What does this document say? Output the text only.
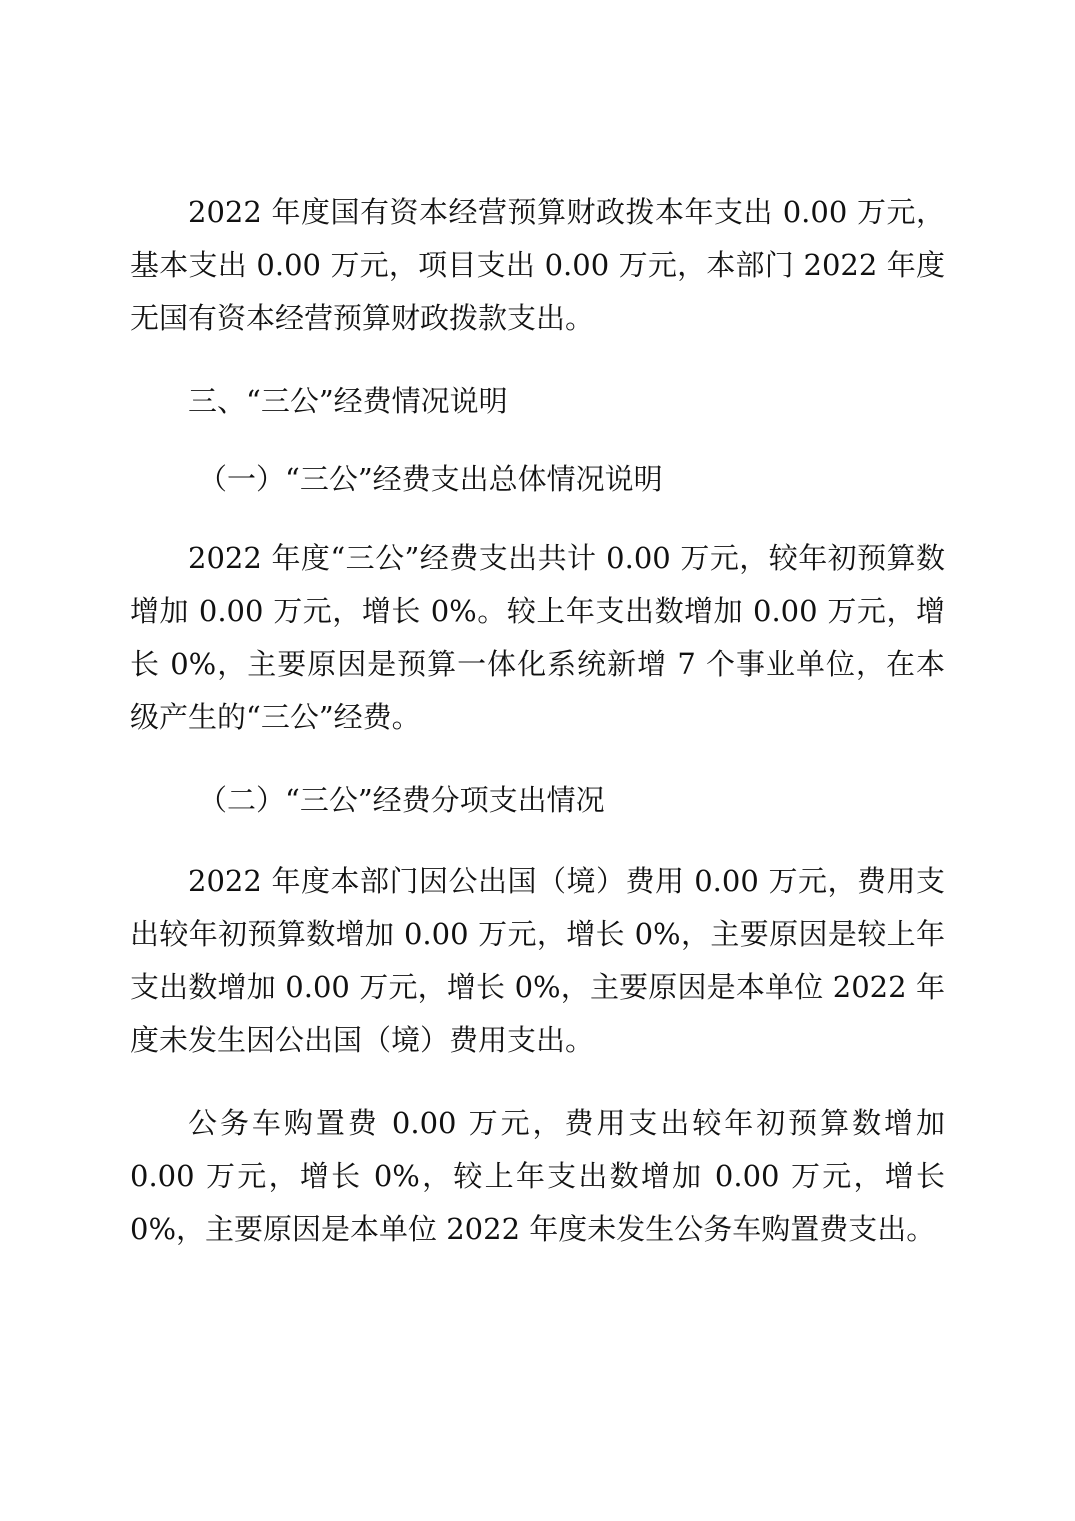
2022 年度国有资本经营预算财政拨本年支出 0.00 万元，基本支出 0.00 万元，项目支出 0.00 万元，本部门 2022 年度无国有资本经营预算财政拨款支出。

三、“三公”经费情况说明

（一）“三公”经费支出总体情况说明

2022 年度“三公”经费支出共计 0.00 万元，较年初预算数增加 0.00 万元，增长 0%。较上年支出数增加 0.00 万元，增长 0%，主要原因是预算一体化系统新增 7 个事业单位，在本级产生的“三公”经费。

（二）“三公”经费分项支出情况

2022 年度本部门因公出国（境）费用 0.00 万元，费用支出较年初预算数增加 0.00 万元，增长 0%，主要原因是较上年支出数增加 0.00 万元，增长 0%，主要原因是本单位 2022 年度未发生因公出国（境）费用支出。

公务车购置费 0.00 万元，费用支出较年初预算数增加 0.00 万元，增长 0%，较上年支出数增加 0.00 万元，增长 0%，主要原因是本单位 2022 年度未发生公务车购置费支出。
